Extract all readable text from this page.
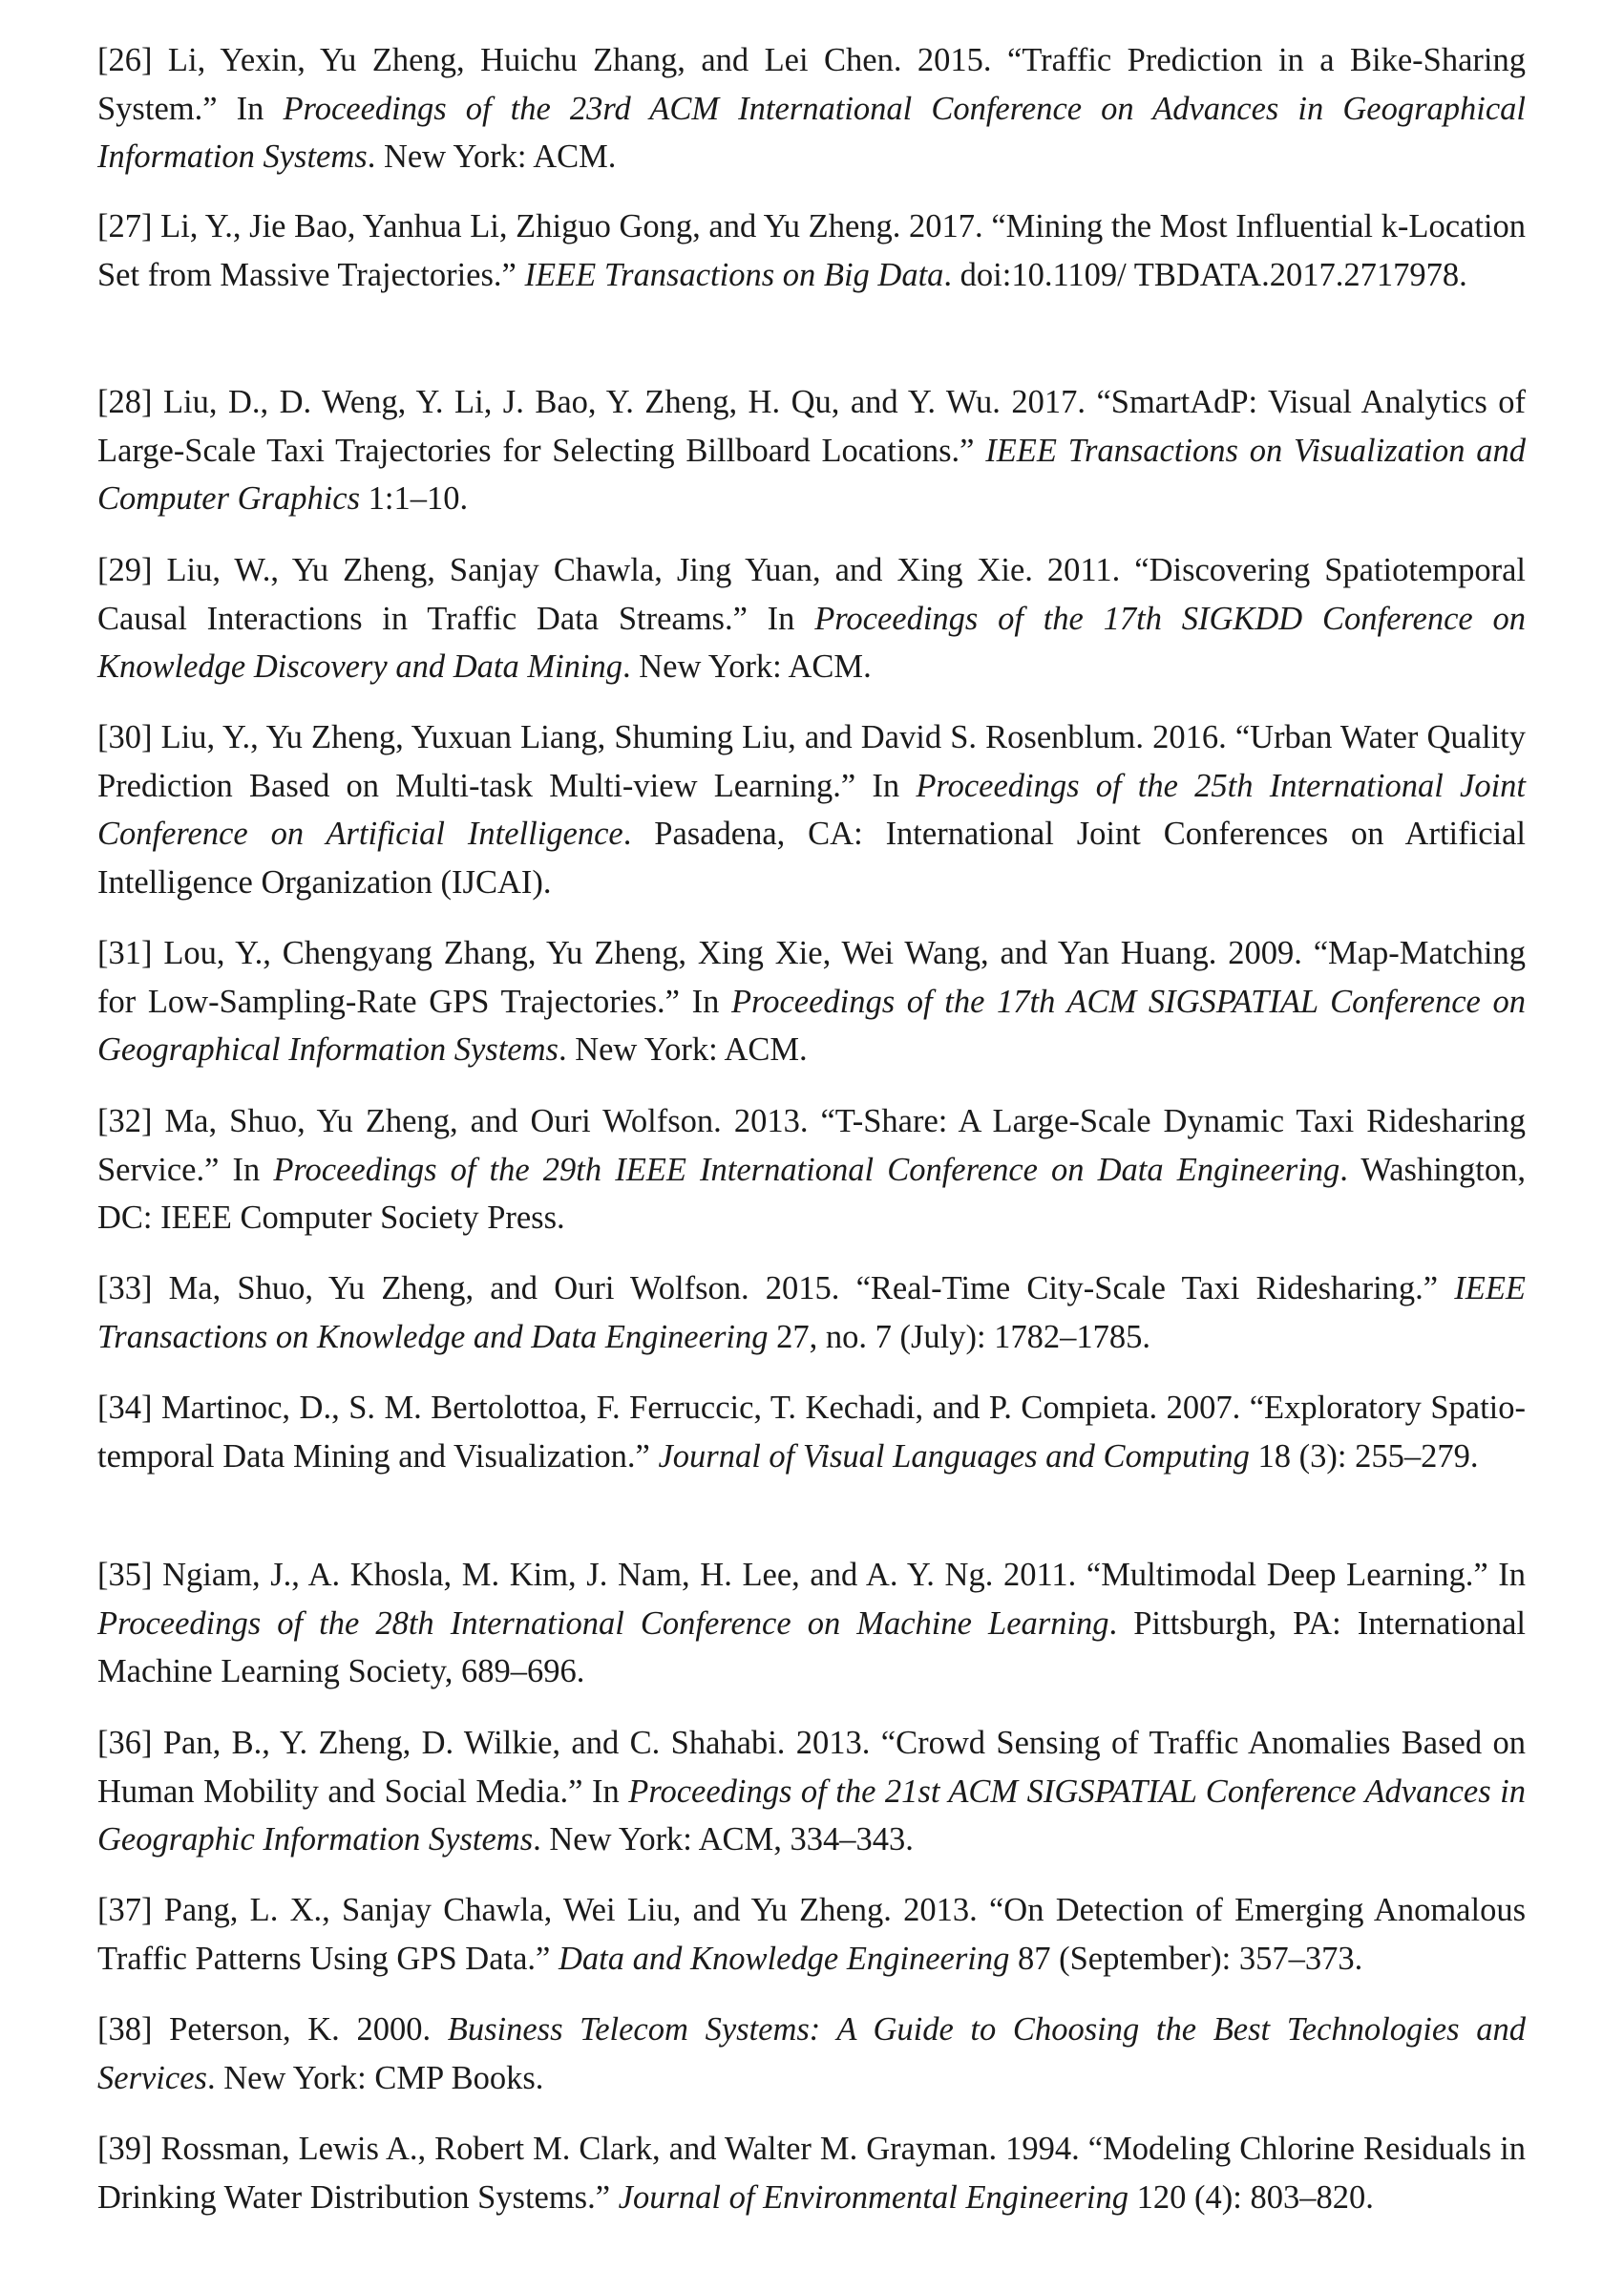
[26] Li, Yexin, Yu Zheng, Huichu Zhang, and Lei Chen. 2015. “Traffic Prediction in a Bike-Sharing System.” In Proceedings of the 23rd ACM International Conference on Advances in Geographical Information Systems. New York: ACM.

[27] Li, Y., Jie Bao, Yanhua Li, Zhiguo Gong, and Yu Zheng. 2017. “Mining the Most Influential k-Location Set from Massive Trajectories.” IEEE Transactions on Big Data. doi:10.1109/ TBDATA.2017.2717978.

[28] Liu, D., D. Weng, Y. Li, J. Bao, Y. Zheng, H. Qu, and Y. Wu. 2017. “SmartAdP: Visual Analytics of Large-Scale Taxi Trajectories for Selecting Billboard Locations.” IEEE Transactions on Visualization and Computer Graphics 1:1–10.

[29] Liu, W., Yu Zheng, Sanjay Chawla, Jing Yuan, and Xing Xie. 2011. “Discovering Spatiotemporal Causal Interactions in Traffic Data Streams.” In Proceedings of the 17th SIGKDD Conference on Knowledge Discovery and Data Mining. New York: ACM.

[30] Liu, Y., Yu Zheng, Yuxuan Liang, Shuming Liu, and David S. Rosenblum. 2016. “Urban Water Quality Prediction Based on Multi-task Multi-view Learning.” In Proceedings of the 25th International Joint Conference on Artificial Intelligence. Pasadena, CA: International Joint Conferences on Artificial Intelligence Organization (IJCAI).

[31] Lou, Y., Chengyang Zhang, Yu Zheng, Xing Xie, Wei Wang, and Yan Huang. 2009. “Map-Matching for Low-Sampling-Rate GPS Trajectories.” In Proceedings of the 17th ACM SIGSPATIAL Conference on Geographical Information Systems. New York: ACM.

[32] Ma, Shuo, Yu Zheng, and Ouri Wolfson. 2013. “T-Share: A Large-Scale Dynamic Taxi Ridesharing Service.” In Proceedings of the 29th IEEE International Conference on Data Engineering. Washington, DC: IEEE Computer Society Press.

[33] Ma, Shuo, Yu Zheng, and Ouri Wolfson. 2015. “Real-Time City-Scale Taxi Ridesharing.” IEEE Transactions on Knowledge and Data Engineering 27, no. 7 (July): 1782–1785.

[34] Martinoc, D., S. M. Bertolottoa, F. Ferruccic, T. Kechadi, and P. Compieta. 2007. “Exploratory Spatio-temporal Data Mining and Visualization.” Journal of Visual Languages and Computing 18 (3): 255–279.

[35] Ngiam, J., A. Khosla, M. Kim, J. Nam, H. Lee, and A. Y. Ng. 2011. “Multimodal Deep Learning.” In Proceedings of the 28th International Conference on Machine Learning. Pittsburgh, PA: International Machine Learning Society, 689–696.

[36] Pan, B., Y. Zheng, D. Wilkie, and C. Shahabi. 2013. “Crowd Sensing of Traffic Anomalies Based on Human Mobility and Social Media.” In Proceedings of the 21st ACM SIGSPATIAL Conference Advances in Geographic Information Systems. New York: ACM, 334–343.

[37] Pang, L. X., Sanjay Chawla, Wei Liu, and Yu Zheng. 2013. “On Detection of Emerging Anomalous Traffic Patterns Using GPS Data.” Data and Knowledge Engineering 87 (September): 357–373.

[38] Peterson, K. 2000. Business Telecom Systems: A Guide to Choosing the Best Technologies and Services. New York: CMP Books.

[39] Rossman, Lewis A., Robert M. Clark, and Walter M. Grayman. 1994. “Modeling Chlorine Residuals in Drinking Water Distribution Systems.” Journal of Environmental Engineering 120 (4): 803–820.
